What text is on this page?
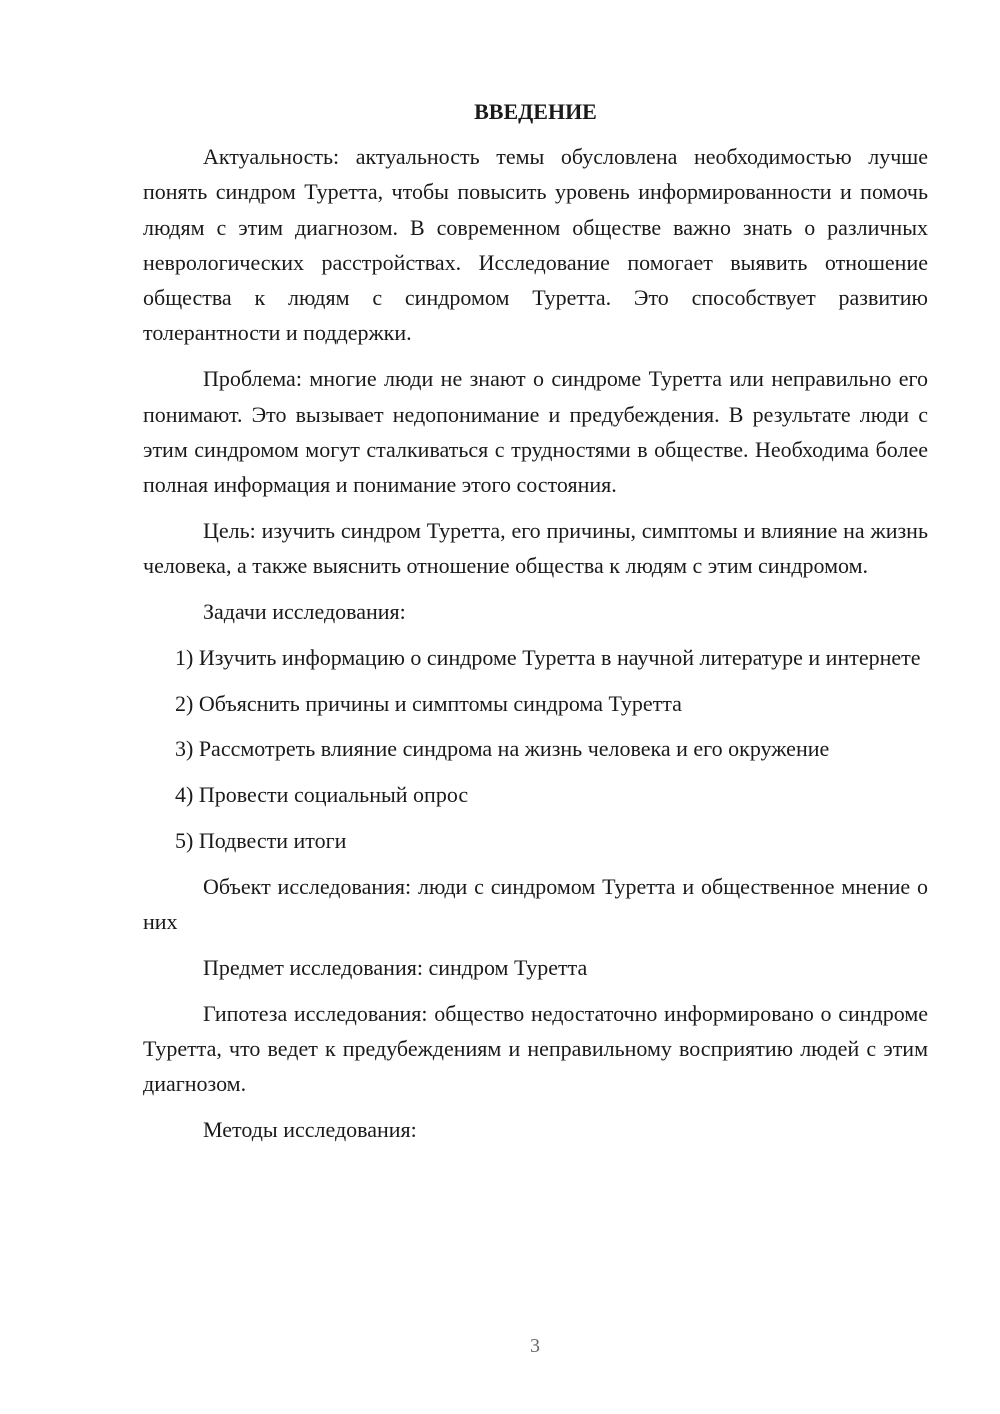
ВВЕДЕНИЕ

Актуальность: актуальность темы обусловлена необходимостью лучше понять синдром Туретта, чтобы повысить уровень информированности и помочь людям с этим диагнозом. В современном обществе важно знать о различных неврологических расстройствах. Исследование помогает выявить отношение общества к людям с синдромом Туретта. Это способствует развитию толерантности и поддержки.

Проблема: многие люди не знают о синдроме Туретта или неправильно его понимают. Это вызывает недопонимание и предубеждения. В результате люди с этим синдромом могут сталкиваться с трудностями в обществе. Необходима более полная информация и понимание этого состояния.

Цель: изучить синдром Туретта, его причины, симптомы и влияние на жизнь человека, а также выяснить отношение общества к людям с этим синдромом.

Задачи исследования:

1) Изучить информацию о синдроме Туретта в научной литературе и интернете

2) Объяснить причины и симптомы синдрома Туретта

3) Рассмотреть влияние синдрома на жизнь человека и его окружение

4) Провести социальный опрос

5) Подвести итоги

Объект исследования: люди с синдромом Туретта и общественное мнение о них

Предмет исследования: синдром Туретта

Гипотеза исследования: общество недостаточно информировано о синдроме Туретта, что ведет к предубеждениям и неправильному восприятию людей с этим диагнозом.

Методы исследования:

3
